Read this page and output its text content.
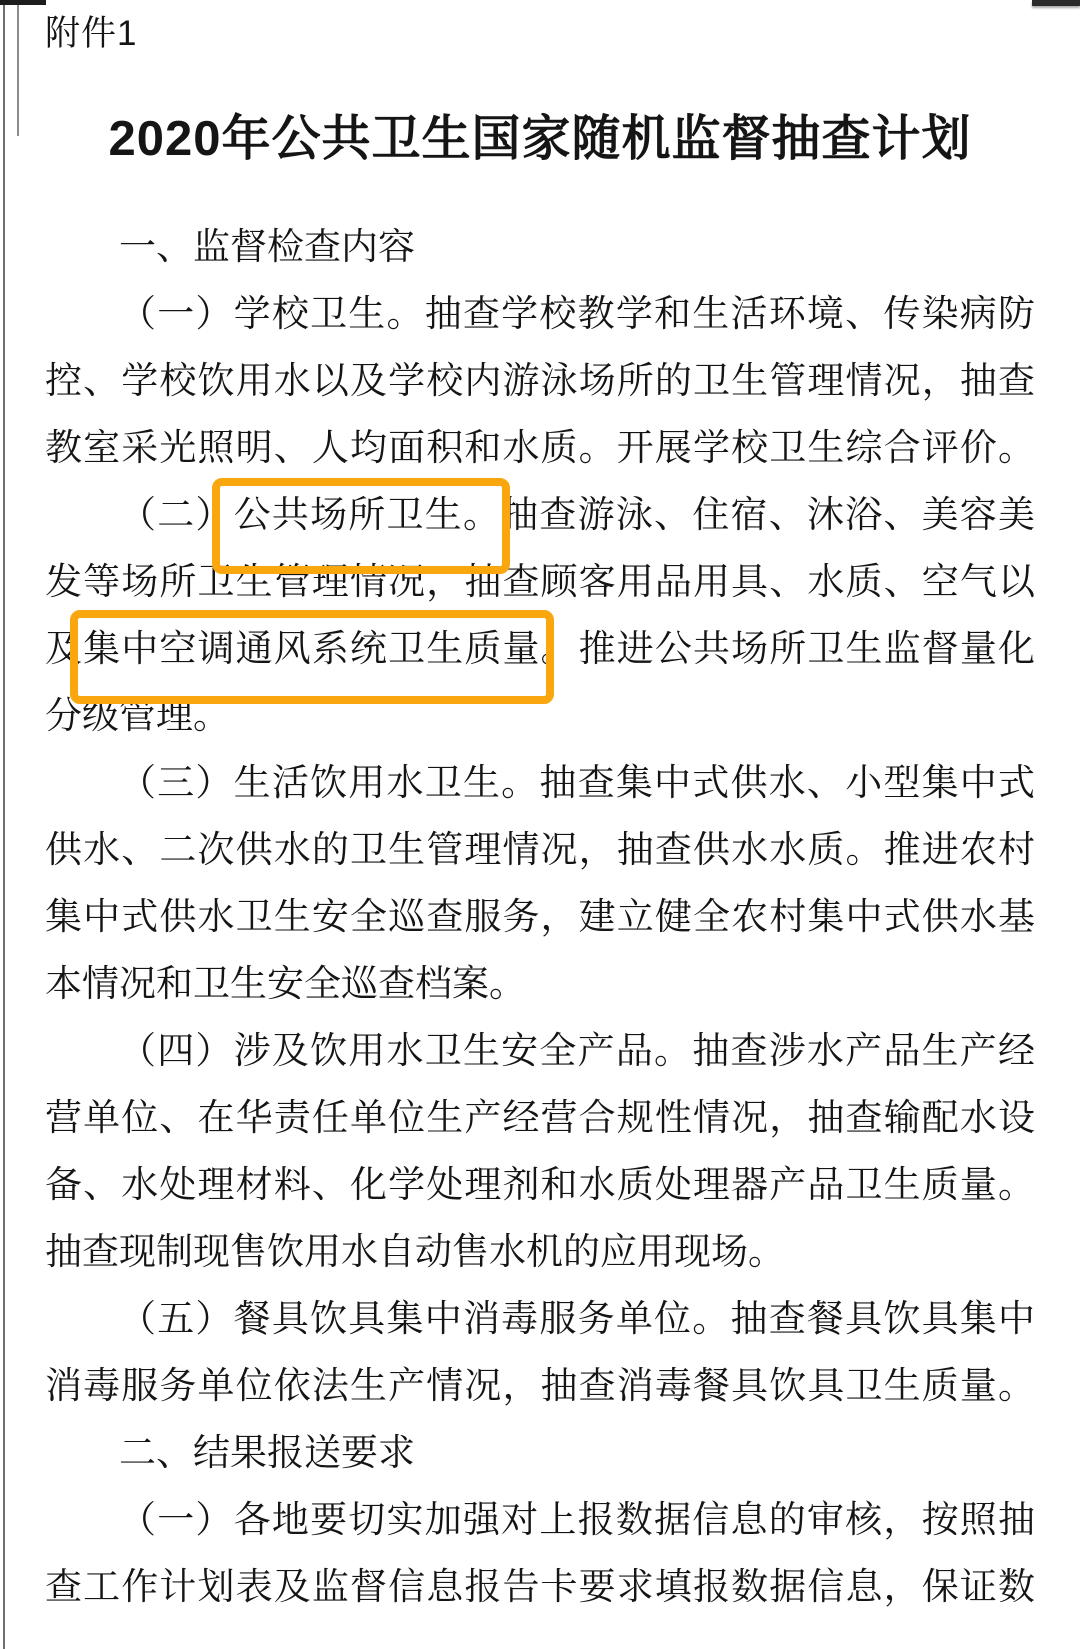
附件1
2020年公共卫生国家随机监督抽查计划
一、监督检查内容
（一）学校卫生。抽查学校教学和生活环境、传染病防
控、学校饮用水以及学校内游泳场所的卫生管理情况，抽查
教室采光照明、人均面积和水质。开展学校卫生综合评价。
（二）公共场所卫生。抽查游泳、住宿、沐浴、美容美
发等场所卫生管理情况，抽查顾客用品用具、水质、空气以
及集中空调通风系统卫生质量。推进公共场所卫生监督量化
分级管理。
（三）生活饮用水卫生。抽查集中式供水、小型集中式
供水、二次供水的卫生管理情况，抽查供水水质。推进农村
集中式供水卫生安全巡查服务，建立健全农村集中式供水基
本情况和卫生安全巡查档案。
（四）涉及饮用水卫生安全产品。抽查涉水产品生产经
营单位、在华责任单位生产经营合规性情况，抽查输配水设
备、水处理材料、化学处理剂和水质处理器产品卫生质量。
抽查现制现售饮用水自动售水机的应用现场。
（五）餐具饮具集中消毒服务单位。抽查餐具饮具集中
消毒服务单位依法生产情况，抽查消毒餐具饮具卫生质量。
二、结果报送要求
（一）各地要切实加强对上报数据信息的审核，按照抽
查工作计划表及监督信息报告卡要求填报数据信息，保证数
